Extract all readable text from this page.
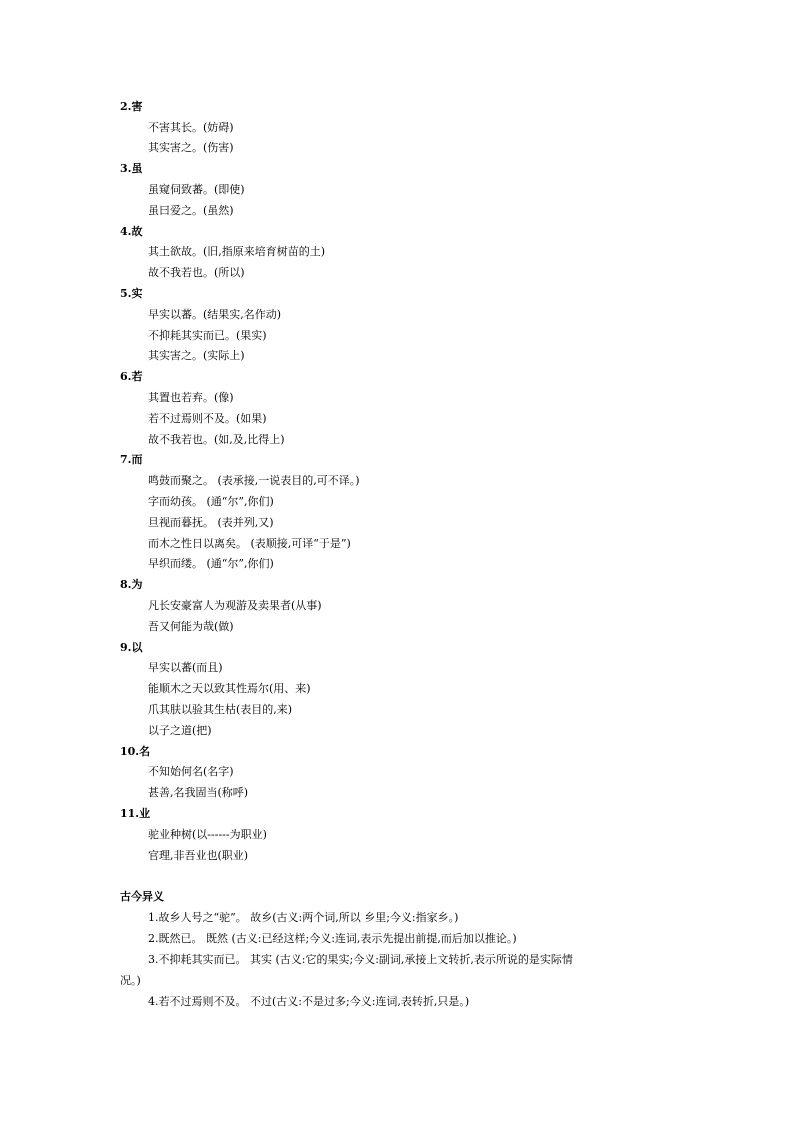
2.害
不害其长。(妨碍)
其实害之。(伤害)
3.虽
虽窥伺致蕃。(即使)
虽曰爱之。(虽然)
4.故
其土欲故。(旧,指原来培育树苗的土)
故不我若也。(所以)
5.实
早实以蕃。(结果实,名作动)
不抑耗其实而已。(果实)
其实害之。(实际上)
6.若
其置也若弃。(像)
若不过焉则不及。(如果)
故不我若也。(如,及,比得上)
7.而
鸣鼓而聚之。 (表承接,一说表目的,可不译。)
字而幼孩。 (通“尔”,你们)
旦视而暮抚。 (表并列,又)
而木之性日以离矣。 (表顺接,可译“于是”)
早织而缕。 (通“尔”,你们)
8.为
凡长安豪富人为观游及卖果者(从事)
吾又何能为哉(做)
9.以
早实以蕃(而且)
能顺木之天以致其性焉尔(用、来)
爪其肤以验其生枯(表目的,来)
以子之道(把)
10.名
不知始何名(名字)
甚善,名我固当(称呼)
11.业
驼业种树(以------为职业)
官理,非吾业也(职业)
古今异义
1.故乡人号之“驼”。 故乡(古义:两个词,所以 乡里;今义:指家乡。)
2.既然已。 既然 (古义:已经这样;今义:连词,表示先提出前提,而后加以推论。)
3.不抑耗其实而已。 其实 (古义:它的果实;今义:副词,承接上文转折,表示所说的是实际情
况。)
4.若不过焉则不及。 不过(古义:不是过多;今义:连词,表转折,只是。)
